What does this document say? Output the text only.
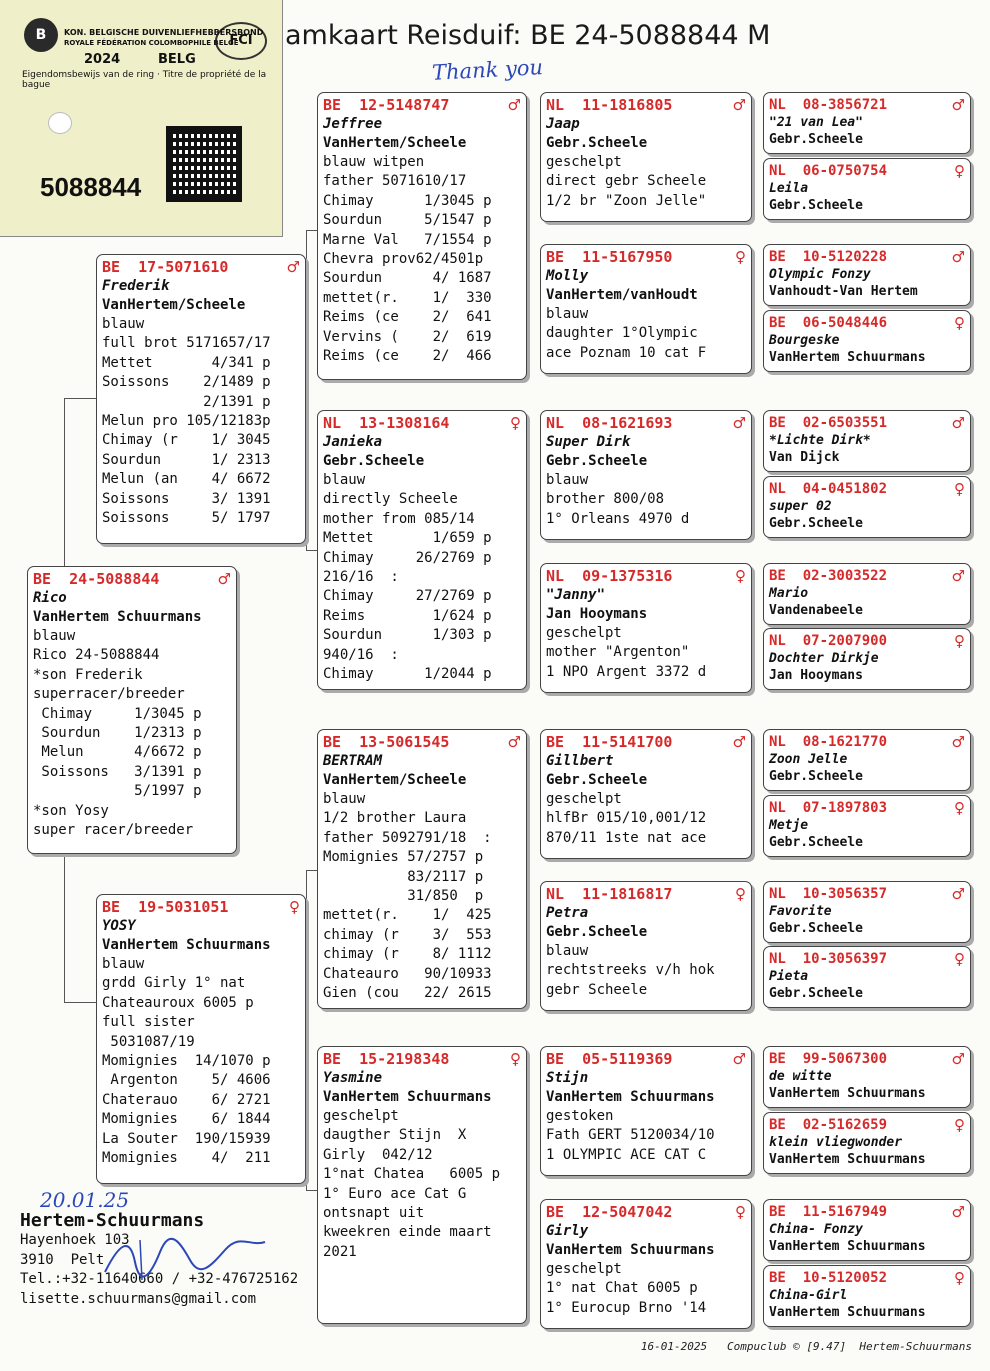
amkaart Reisduif: BE 24-5088844 M
Thank you
B	FCI
KON. BELGISCHE DUIVENLIEFHEBBERSBOND
ROYALE FÉDÉRATION COLOMBOPHILE BELGE
2024	BELG
Eigendomsbewijs van de ring · Titre de propriété de la bague
5088844
BE  24-5088844	♂
Rico
VanHertem Schuurmans
blauw
Rico 24-5088844
*son Frederik
superracer/breeder
Chimay     1/3045 p
Sourdun    1/2313 p
Melun      4/6672 p
Soissons   3/1391 p
5/1997 p
*son Yosy
super racer/breeder
BE  17-5071610	♂
Frederik
VanHertem/Scheele
blauw
full brot 5171657/17
Mettet       4/341 p
Soissons    2/1489 p
2/1391 p
Melun pro 105/12183p
Chimay (r    1/ 3045
Sourdun      1/ 2313
Melun (an    4/ 6672
Soissons     3/ 1391
Soissons     5/ 1797
BE  19-5031051	♀
YOSY
VanHertem Schuurmans
blauw
grdd Girly 1° nat
Chateauroux 6005 p
full sister
5031087/19
Momignies  14/1070 p
Argenton    5/ 4606
Chaterauo    6/ 2721
Momignies    6/ 1844
La Souter  190/15939
Momignies    4/  211
BE  12-5148747	♂
Jeffree
VanHertem/Scheele
blauw witpen
father 5071610/17
Chimay      1/3045 p
Sourdun     5/1547 p
Marne Val   7/1554 p
Chevra prov62/4501p
Sourdun      4/ 1687
mettet(r.    1/  330
Reims (ce    2/  641
Vervins (    2/  619
Reims (ce    2/  466
NL  13-1308164	♀
Janieka
Gebr.Scheele
blauw
directly Scheele
mother from 085/14
Mettet       1/659 p
Chimay     26/2769 p
216/16  :
Chimay     27/2769 p
Reims        1/624 p
Sourdun      1/303 p
940/16  :
Chimay      1/2044 p
BE  13-5061545	♂
BERTRAM
VanHertem/Scheele
blauw
1/2 brother Laura
father 5092791/18  :
Momignies 57/2757 p
83/2117 p
31/850  p
mettet(r.    1/  425
chimay (r    3/  553
chimay (r    8/ 1112
Chateauro   90/10933
Gien (cou   22/ 2615
BE  15-2198348	♀
Yasmine
VanHertem Schuurmans
geschelpt
daugther Stijn  X
Girly  042/12
1°nat Chatea   6005 p
1° Euro ace Cat G
ontsnapt uit
kweekren einde maart
2021
NL  11-1816805	♂
Jaap
Gebr.Scheele
geschelpt
direct gebr Scheele
1/2 br "Zoon Jelle"
BE  11-5167950	♀
Molly
VanHertem/vanHoudt
blauw
daughter 1°Olympic
ace Poznam 10 cat F
NL  08-1621693	♂
Super Dirk
Gebr.Scheele
blauw
brother 800/08
1° Orleans 4970 d
NL  09-1375316	♀
"Janny"
Jan Hooymans
geschelpt
mother "Argenton"
1 NPO Argent 3372 d
BE  11-5141700	♂
Gillbert
Gebr.Scheele
geschelpt
hlfBr 015/10,001/12
870/11 1ste nat ace
NL  11-1816817	♀
Petra
Gebr.Scheele
blauw
rechtstreeks v/h hok
gebr Scheele
BE  05-5119369	♂
Stijn
VanHertem Schuurmans
gestoken
Fath GERT 5120034/10
1 OLYMPIC ACE CAT C
BE  12-5047042	♀
Girly
VanHertem Schuurmans
geschelpt
1° nat Chat 6005 p
1° Eurocup Brno '14
NL  08-3856721	♂
"21 van Lea"
Gebr.Scheele
NL  06-0750754	♀
Leila
Gebr.Scheele
BE  10-5120228	♂
Olympic Fonzy
Vanhoudt-Van Hertem
BE  06-5048446	♀
Bourgeske
VanHertem Schuurmans
BE  02-6503551	♂
*Lichte Dirk*
Van Dijck
NL  04-0451802	♀
super 02
Gebr.Scheele
BE  02-3003522	♂
Mario
Vandenabeele
NL  07-2007900	♀
Dochter Dirkje
Jan Hooymans
NL  08-1621770	♂
Zoon Jelle
Gebr.Scheele
NL  07-1897803	♀
Metje
Gebr.Scheele
NL  10-3056357	♂
Favorite
Gebr.Scheele
NL  10-3056397	♀
Pieta
Gebr.Scheele
BE  99-5067300	♂
de witte
VanHertem Schuurmans
BE  02-5162659	♀
klein vliegwonder
VanHertem Schuurmans
BE  11-5167949	♂
China- Fonzy
VanHertem Schuurmans
BE  10-5120052	♀
China-Girl
VanHertem Schuurmans
20.01.25
Hertem-Schuurmans
Hayenhoek 103
3910  Pelt
Tel.:+32-11640660 / +32-476725162
lisette.schuurmans@gmail.com
16-01-2025   Compuclub © [9.47]  Hertem-Schuurmans
